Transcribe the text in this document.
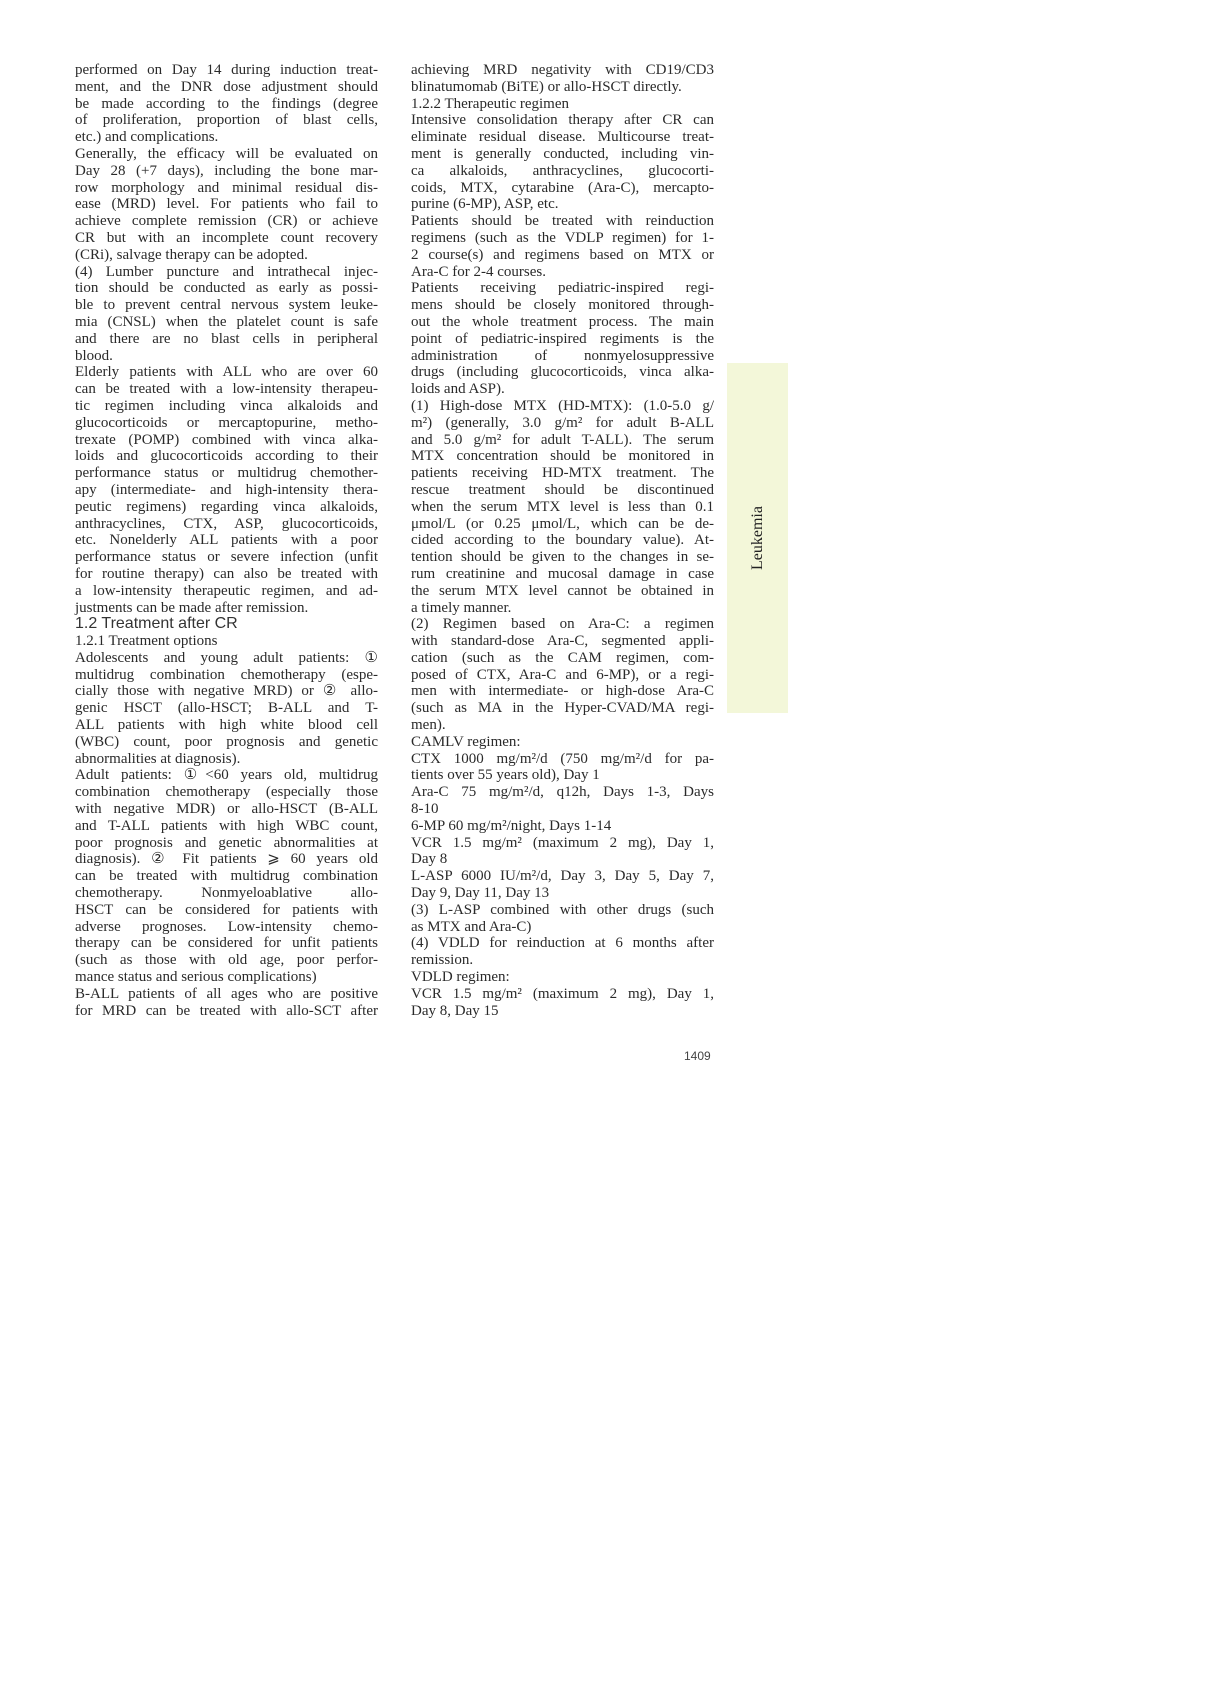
performed on Day 14 during induction treat-
ment, and the DNR dose adjustment should
be made according to the findings (degree
of proliferation, proportion of blast cells,
etc.) and complications.
Generally, the efficacy will be evaluated on
Day 28 (+7 days), including the bone mar-
row morphology and minimal residual dis-
ease (MRD) level. For patients who fail to
achieve complete remission (CR) or achieve
CR but with an incomplete count recovery
(CRi), salvage therapy can be adopted.
(4) Lumber puncture and intrathecal injec-
tion should be conducted as early as possi-
ble to prevent central nervous system leuke-
mia (CNSL) when the platelet count is safe
and there are no blast cells in peripheral
blood.
Elderly patients with ALL who are over 60
can be treated with a low-intensity therapeu-
tic regimen including vinca alkaloids and
glucocorticoids or mercaptopurine, metho-
trexate (POMP) combined with vinca alka-
loids and glucocorticoids according to their
performance status or multidrug chemother-
apy (intermediate- and high-intensity thera-
peutic regimens) regarding vinca alkaloids,
anthracyclines, CTX, ASP, glucocorticoids,
etc. Nonelderly ALL patients with a poor
performance status or severe infection (unfit
for routine therapy) can also be treated with
a low-intensity therapeutic regimen, and ad-
justments can be made after remission.
1.2 Treatment after CR
1.2.1 Treatment options
Adolescents and young adult patients: ①
multidrug combination chemotherapy (espe-
cially those with negative MRD) or ② allo-
genic HSCT (allo-HSCT; B-ALL and T-
ALL patients with high white blood cell
(WBC) count, poor prognosis and genetic
abnormalities at diagnosis).
Adult patients: ①<60 years old, multidrug
combination chemotherapy (especially those
with negative MDR) or allo-HSCT (B-ALL
and T-ALL patients with high WBC count,
poor prognosis and genetic abnormalities at
diagnosis). ② Fit patients ⩾ 60 years old
can be treated with multidrug combination
chemotherapy. Nonmyeloablative allo-
HSCT can be considered for patients with
adverse prognoses. Low-intensity chemo-
therapy can be considered for unfit patients
(such as those with old age, poor perfor-
mance status and serious complications)
B-ALL patients of all ages who are positive
for MRD can be treated with allo-SCT after
achieving MRD negativity with CD19/CD3
blinatumomab (BiTE) or allo-HSCT directly.
1.2.2 Therapeutic regimen
Intensive consolidation therapy after CR can
eliminate residual disease. Multicourse treat-
ment is generally conducted, including vin-
ca alkaloids, anthracyclines, glucocorti-
coids, MTX, cytarabine (Ara-C), mercapto-
purine (6-MP), ASP, etc.
Patients should be treated with reinduction
regimens (such as the VDLP regimen) for 1-
2 course(s) and regimens based on MTX or
Ara-C for 2-4 courses.
Patients receiving pediatric-inspired regi-
mens should be closely monitored through-
out the whole treatment process. The main
point of pediatric-inspired regiments is the
administration of nonmyelosuppressive
drugs (including glucocorticoids, vinca alka-
loids and ASP).
(1) High-dose MTX (HD-MTX): (1.0-5.0 g/
m²) (generally, 3.0 g/m² for adult B-ALL
and 5.0 g/m² for adult T-ALL). The serum
MTX concentration should be monitored in
patients receiving HD-MTX treatment. The
rescue treatment should be discontinued
when the serum MTX level is less than 0.1
μmol/L (or 0.25 μmol/L, which can be de-
cided according to the boundary value). At-
tention should be given to the changes in se-
rum creatinine and mucosal damage in case
the serum MTX level cannot be obtained in
a timely manner.
(2) Regimen based on Ara-C: a regimen
with standard-dose Ara-C, segmented appli-
cation (such as the CAM regimen, com-
posed of CTX, Ara-C and 6-MP), or a regi-
men with intermediate- or high-dose Ara-C
(such as MA in the Hyper-CVAD/MA regi-
men).
CAMLV regimen:
CTX 1000 mg/m²/d (750 mg/m²/d for pa-
tients over 55 years old), Day 1
Ara-C 75 mg/m²/d, q12h, Days 1-3, Days
8-10
6-MP 60 mg/m²/night, Days 1-14
VCR 1.5 mg/m² (maximum 2 mg), Day 1,
Day 8
L-ASP 6000 IU/m²/d, Day 3, Day 5, Day 7,
Day 9, Day 11, Day 13
(3) L-ASP combined with other drugs (such
as MTX and Ara-C)
(4) VDLD for reinduction at 6 months after
remission.
VDLD regimen:
VCR 1.5 mg/m² (maximum 2 mg), Day 1,
Day 8, Day 15
Leukemia
1409
